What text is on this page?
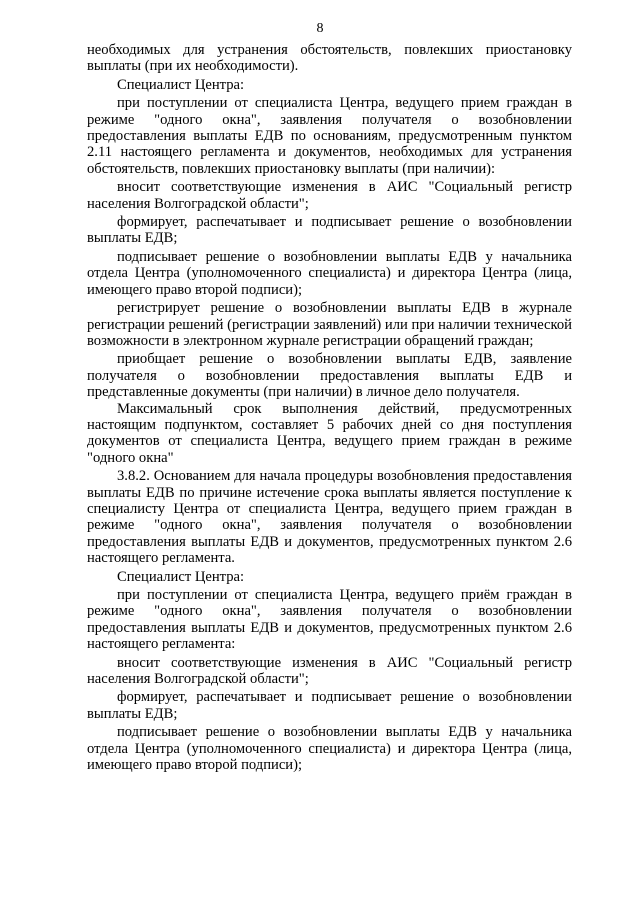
8

необходимых для устранения обстоятельств, повлекших приостановку выплаты (при их необходимости).

Специалист Центра:

при поступлении от специалиста Центра, ведущего прием граждан в режиме "одного окна", заявления получателя о возобновлении предоставления выплаты ЕДВ по основаниям, предусмотренным пунктом 2.11 настоящего регламента и документов, необходимых для устранения обстоятельств, повлекших приостановку выплаты (при наличии):

вносит соответствующие изменения в АИС "Социальный регистр населения Волгоградской области";

формирует, распечатывает и подписывает решение о возобновлении выплаты ЕДВ;

подписывает решение о возобновлении выплаты ЕДВ у начальника отдела Центра (уполномоченного специалиста) и директора Центра (лица, имеющего право второй подписи);

регистрирует решение о возобновлении выплаты ЕДВ в журнале регистрации решений (регистрации заявлений) или при наличии технической возможности в электронном журнале регистрации обращений граждан;

приобщает решение о возобновлении выплаты ЕДВ, заявление получателя о возобновлении предоставления выплаты ЕДВ и представленные документы (при наличии) в личное дело получателя.

Максимальный срок выполнения действий, предусмотренных настоящим подпунктом, составляет 5 рабочих дней со дня поступления документов от специалиста Центра, ведущего прием граждан в режиме "одного окна"

3.8.2. Основанием для начала процедуры возобновления предоставления выплаты ЕДВ по причине истечение срока выплаты является поступление к специалисту Центра от специалиста Центра, ведущего прием граждан в режиме "одного окна", заявления получателя о возобновлении предоставления выплаты ЕДВ и документов, предусмотренных пунктом 2.6 настоящего регламента.

Специалист Центра:

при поступлении от специалиста Центра, ведущего приём граждан в режиме "одного окна", заявления получателя о возобновлении предоставления выплаты ЕДВ и документов, предусмотренных пунктом 2.6 настоящего регламента:

вносит соответствующие изменения в АИС "Социальный регистр населения Волгоградской области";

формирует, распечатывает и подписывает решение о возобновлении выплаты ЕДВ;

подписывает решение о возобновлении выплаты ЕДВ у начальника отдела Центра (уполномоченного специалиста) и директора Центра (лица, имеющего право второй подписи);
